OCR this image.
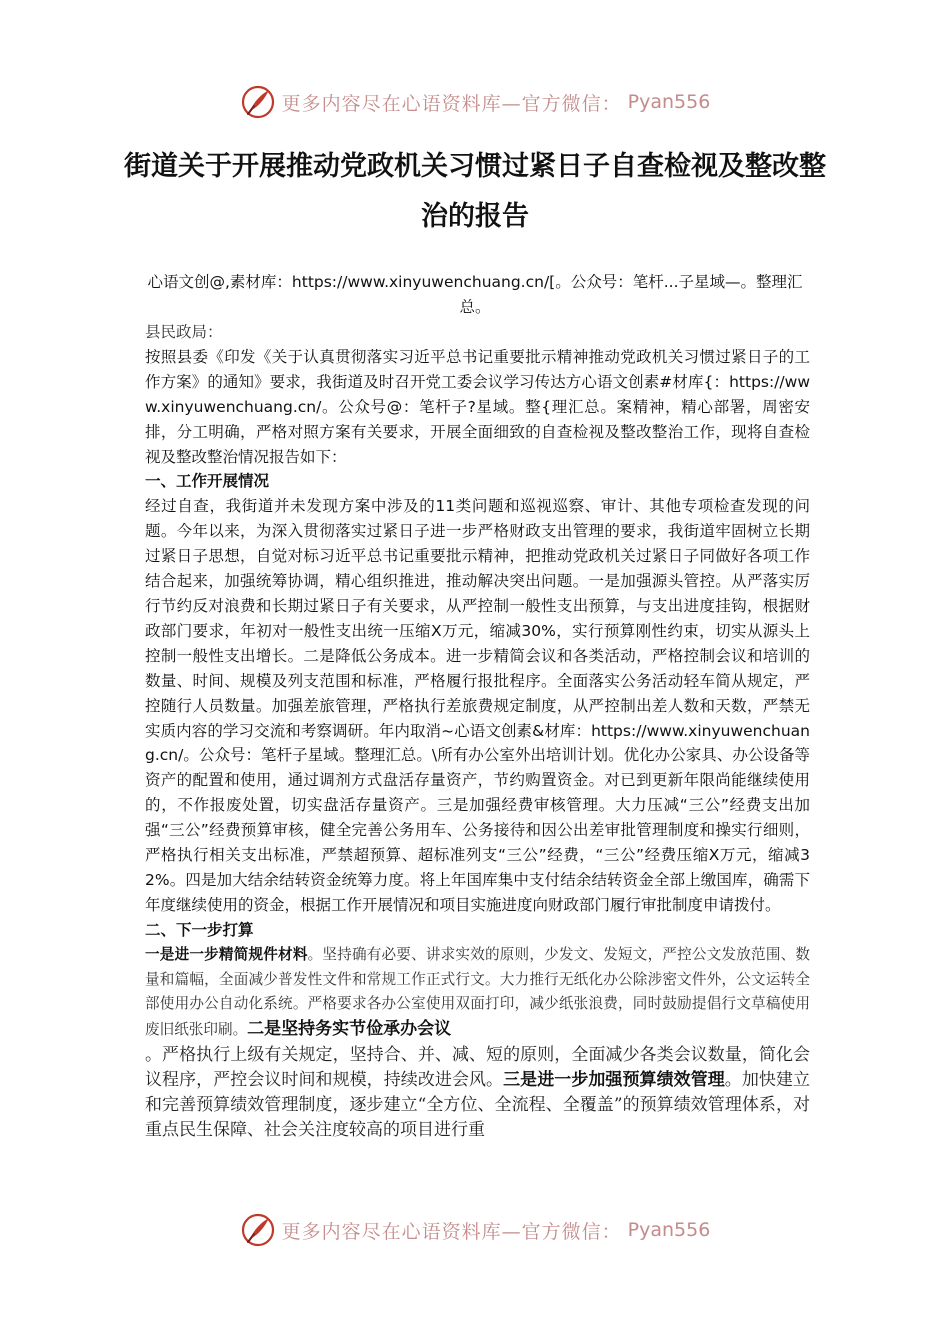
更多内容尽在心语资料库—官方微信： Pyan556
街道关于开展推动党政机关习惯过紧日子自查检视及整改整治的报告

心语文创@,素材库：https://www.xinyuwenchuang.cn/[。公众号：笔杆...子星域—。整理汇总。

县民政局：

按照县委《印发《关于认真贯彻落实习近平总书记重要批示精神推动党政机关习惯过紧日子的工作方案》的通知》要求，我街道及时召开党工委会议学习传达方心语文创素#材库{：https://www.xinyuwenchuang.cn/。公众号@：笔杆子?星域。整{理汇总。案精神，精心部署，周密安排，分工明确，严格对照方案有关要求，开展全面细致的自查检视及整改整治工作，现将自查检视及整改整治情况报告如下：

一、工作开展情况

经过自查，我街道并未发现方案中涉及的11类问题和巡视巡察、审计、其他专项检查发现的问题。今年以来，为深入贯彻落实过紧日子进一步严格财政支出管理的要求，我街道牢固树立长期过紧日子思想，自觉对标习近平总书记重要批示精神，把推动党政机关过紧日子同做好各项工作结合起来，加强统筹协调，精心组织推进，推动解决突出问题。一是加强源头管控。从严落实厉行节约反对浪费和长期过紧日子有关要求，从严控制一般性支出预算，与支出进度挂钩，根据财政部门要求，年初对一般性支出统一压缩X万元，缩减30%，实行预算刚性约束，切实从源头上控制一般性支出增长。二是降低公务成本。进一步精简会议和各类活动，严格控制会议和培训的数量、时间、规模及列支范围和标准，严格履行报批程序。全面落实公务活动轻车简从规定，严控随行人员数量。加强差旅管理，严格执行差旅费规定制度，从严控制出差人数和天数，严禁无实质内容的学习交流和考察调研。年内取消~心语文创素&材库：https://www.xinyuwenchuang.cn/。公众号：笔杆子星域。整理汇总。\所有办公室外出培训计划。优化办公家具、办公设备等资产的配置和使用，通过调剂方式盘活存量资产，节约购置资金。对已到更新年限尚能继续使用的，不作报废处置，切实盘活存量资产。三是加强经费审核管理。大力压减“三公”经费支出加强“三公”经费预算审核，健全完善公务用车、公务接待和因公出差审批管理制度和操实行细则，严格执行相关支出标准，严禁超预算、超标准列支“三公”经费，“三公”经费压缩X万元，缩减32%。四是加大结余结转资金统筹力度。将上年国库集中支付结余结转资金全部上缴国库，确需下年度继续使用的资金，根据工作开展情况和项目实施进度向财政部门履行审批制度申请拨付。

二、下一步打算

一是进一步精简规件材料。坚持确有必要、讲求实效的原则，少发文、发短文，严控公文发放范围、数量和篇幅，全面减少普发性文件和常规工作正式行文。大力推行无纸化办公除涉密文件外，公文运转全部使用办公自动化系统。严格要求各办公室使用双面打印，减少纸张浪费，同时鼓励提倡行文草稿使用废旧纸张印刷。二是坚持务实节俭承办会议

。严格执行上级有关规定，坚持合、并、减、短的原则，全面减少各类会议数量，简化会议程序，严控会议时间和规模，持续改进会风。三是进一步加强预算绩效管理。加快建立和完善预算绩效管理制度，逐步建立“全方位、全流程、全覆盖”的预算绩效管理体系，对重点民生保障、社会关注度较高的项目进行重

更多内容尽在心语资料库—官方微信： Pyan556
